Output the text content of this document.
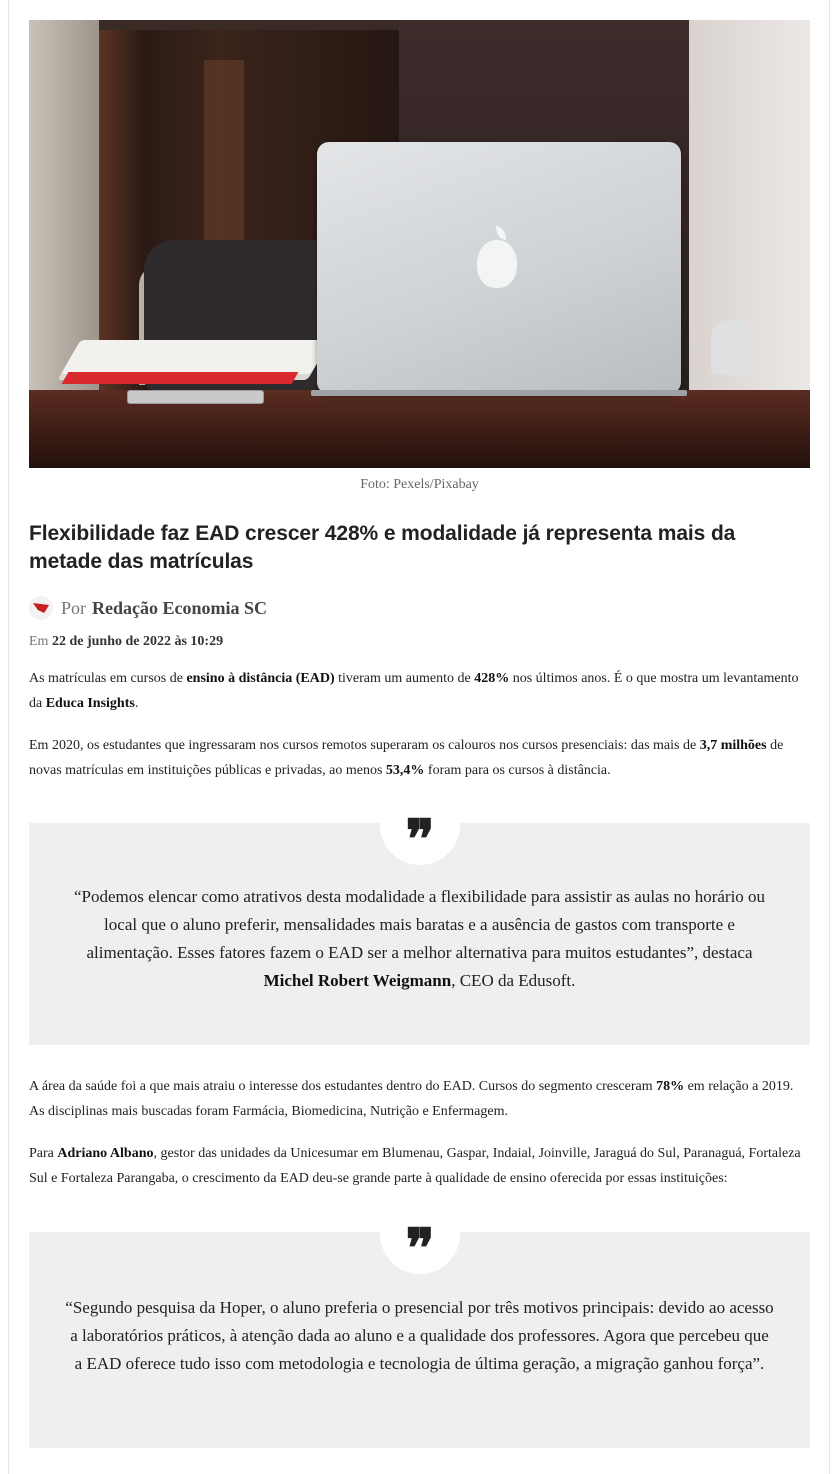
Foto: Pexels/Pixabay
Flexibilidade faz EAD crescer 428% e modalidade já representa mais da metade das matrículas
Por Redação Economia SC
Em 22 de junho de 2022 às 10:29

As matrículas em cursos de ensino à distância (EAD) tiveram um aumento de 428% nos últimos anos. É o que mostra um levantamento da Educa Insights.

Em 2020, os estudantes que ingressaram nos cursos remotos superaram os calouros nos cursos presenciais: das mais de 3,7 milhões de novas matrículas em instituições públicas e privadas, ao menos 53,4% foram para os cursos à distância.

❞
“Podemos elencar como atrativos desta modalidade a flexibilidade para assistir as aulas no horário ou local que o aluno preferir, mensalidades mais baratas e a ausência de gastos com transporte e alimentação. Esses fatores fazem o EAD ser a melhor alternativa para muitos estudantes”, destaca Michel Robert Weigmann, CEO da Edusoft.

A área da saúde foi a que mais atraiu o interesse dos estudantes dentro do EAD. Cursos do segmento cresceram 78% em relação a 2019. As disciplinas mais buscadas foram Farmácia, Biomedicina, Nutrição e Enfermagem.

Para Adriano Albano, gestor das unidades da Unicesumar em Blumenau, Gaspar, Indaial, Joinville, Jaraguá do Sul, Paranaguá, Fortaleza Sul e Fortaleza Parangaba, o crescimento da EAD deu-se grande parte à qualidade de ensino oferecida por essas instituições:

❞
“Segundo pesquisa da Hoper, o aluno preferia o presencial por três motivos principais: devido ao acesso a laboratórios práticos, à atenção dada ao aluno e a qualidade dos professores. Agora que percebeu que a EAD oferece tudo isso com metodologia e tecnologia de última geração, a migração ganhou força”.
